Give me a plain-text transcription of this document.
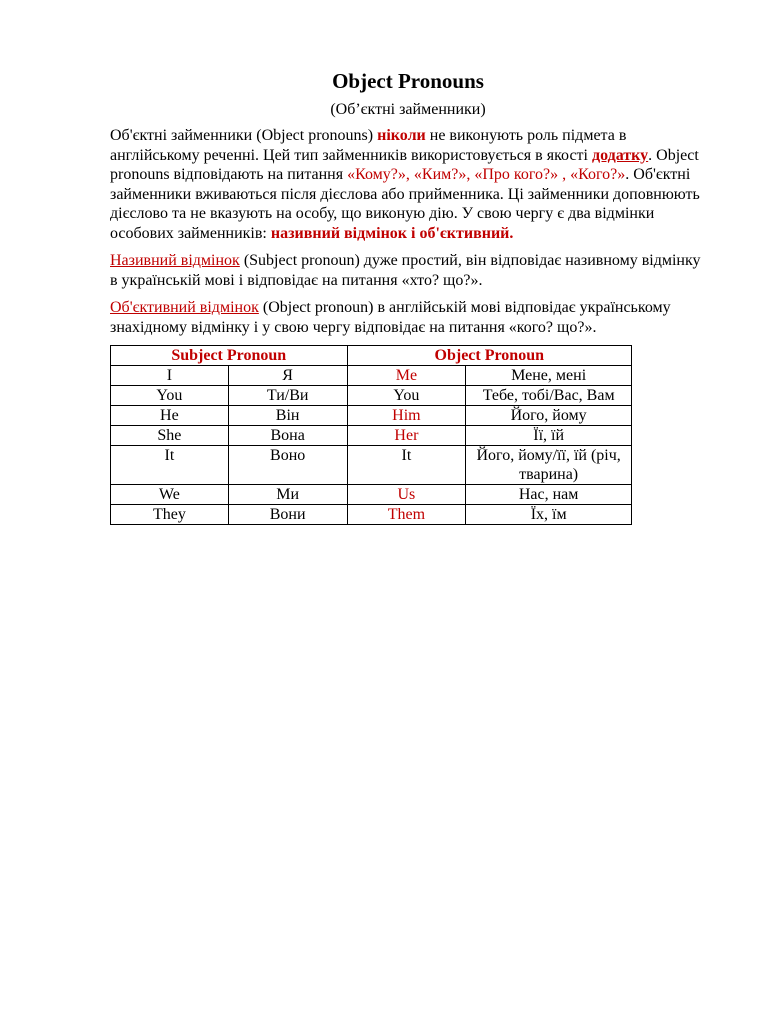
Object Pronouns
(Об’єктні займенники)

Об'єктні займенники (Object pronouns) ніколи не виконують роль підмета в англійському реченні. Цей тип займенників використовується в якості додатку. Object pronouns відповідають на питання «Кому?», «Ким?», «Про кого?» , «Кого?». Об'єктні займенники вживаються після дієслова або прийменника. Ці займенники доповнюють дієслово та не вказують на особу, що виконую дію. У свою чергу є два відмінки особових займенників: називний відмінок і об'єктивний.

Називний відмінок (Subject pronoun) дуже простий, він відповідає називному відмінку в українській мові і відповідає на питання «хто? що?».

Об'єктивний відмінок (Object pronoun) в англійській мові відповідає українському знахідному відмінку і у свою чергу відповідає на питання «кого? що?».

Subject Pronoun		Object Pronoun	
I	Я	Me	Мене, мені
You	Ти/Ви	You	Тебе, тобі/Вас, Вам
He	Він	Him	Його, йому
She	Вона	Her	Її, їй
It	Воно	It	Його, йому/її, їй (річ, тварина)
We	Ми	Us	Нас, нам
They	Вони	Them	Їх, їм
